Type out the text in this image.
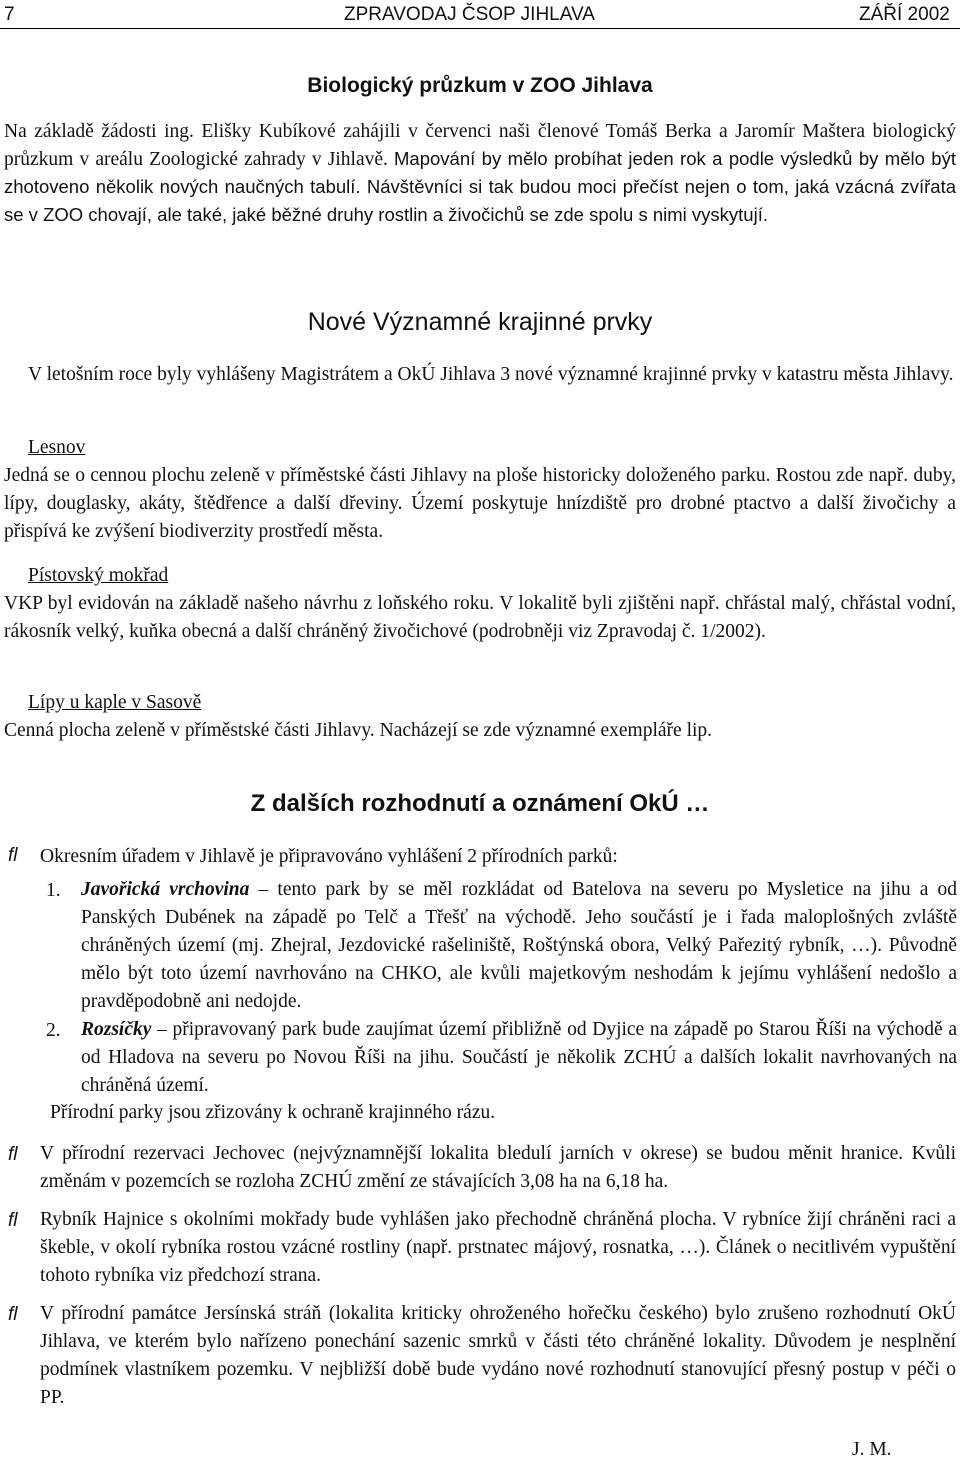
7	ZPRAVODAJ ČSOP JIHLAVA	ZÁŘÍ 2002
Biologický průzkum v ZOO Jihlava

Na základě žádosti ing. Elišky Kubíkové zahájili v červenci naši členové Tomáš Berka a Jaromír Maštera biologický průzkum v areálu Zoologické zahrady v Jihlavě. Mapování by mělo probíhat jeden rok a podle výsledků by mělo být zhotoveno několik nových naučných tabulí. Návštěvníci si tak budou moci přečíst nejen o tom, jaká vzácná zvířata se v ZOO chovají, ale také, jaké běžné druhy rostlin a živočichů se zde spolu s nimi vyskytují.

Nové Významné krajinné prvky
V letošním roce byly vyhlášeny Magistrátem a OkÚ Jihlava 3 nové významné krajinné prvky v katastru města Jihlavy.

Lesnov

Jedná se o cennou plochu zeleně v příměstské části Jihlavy na ploše historicky doloženého parku. Rostou zde např. duby, lípy, douglasky, akáty, štědřence a další dřeviny. Území poskytuje hnízdiště pro drobné ptactvo a další živočichy a přispívá ke zvýšení biodiverzity prostředí města.

Pístovský mokřad

VKP byl evidován na základě našeho návrhu z loňského roku. V lokalitě byli zjištěni např. chřástal malý, chřástal vodní, rákosník velký, kuňka obecná a další chráněný živočichové (podrobněji viz Zpravodaj č. 1/2002).

Lípy u kaple v Sasově

Cenná plocha zeleně v příměstské části Jihlavy. Nacházejí se zde významné exempláře lip.

Z dalších rozhodnutí a oznámení OkÚ …
fl Okresním úřadem v Jihlavě je připravováno vyhlášení 2 přírodních parků:
1. Javořická vrchovina – tento park by se měl rozkládat od Batelova na severu po Mysletice na jihu a od Panských Dubének na západě po Telč a Třešť na východě. Jeho součástí je i řada maloplošných zvláště chráněných území (mj. Zhejral, Jezdovické rašeliniště, Roštýnská obora, Velký Pařezitý rybník, …). Původně mělo být toto území navrhováno na CHKO, ale kvůli majetkovým neshodám k jejímu vyhlášení nedošlo a pravděpodobně ani nedojde.

2. Rozsíčky – připravovaný park bude zaujímat území přibližně od Dyjice na západě po Starou Říši na východě a od Hladova na severu po Novou Říši na jihu. Součástí je několik ZCHÚ a dalších lokalit navrhovaných na chráněná území.

Přírodní parky jsou zřizovány k ochraně krajinného rázu.
fl V přírodní rezervaci Jechovec (nejvýznamnější lokalita bledulí jarních v okrese) se budou měnit hranice. Kvůli změnám v pozemcích se rozloha ZCHÚ změní ze stávajících 3,08 ha na 6,18 ha.
fl Rybník Hajnice s okolními mokřady bude vyhlášen jako přechodně chráněná plocha. V rybníce žijí chráněni raci a škeble, v okolí rybníka rostou vzácné rostliny (např. prstnatec májový, rosnatka, …). Článek o necitlivém vypuštění tohoto rybníka viz předchozí strana.
fl V přírodní památce Jersínská stráň (lokalita kriticky ohroženého hořečku českého) bylo zrušeno rozhodnutí OkÚ Jihlava, ve kterém bylo nařízeno ponechání sazenic smrků v části této chráněné lokality. Důvodem je nesplnění podmínek vlastníkem pozemku. V nejbližší době bude vydáno nové rozhodnutí stanovující přesný postup v péči o PP.
J. M.
